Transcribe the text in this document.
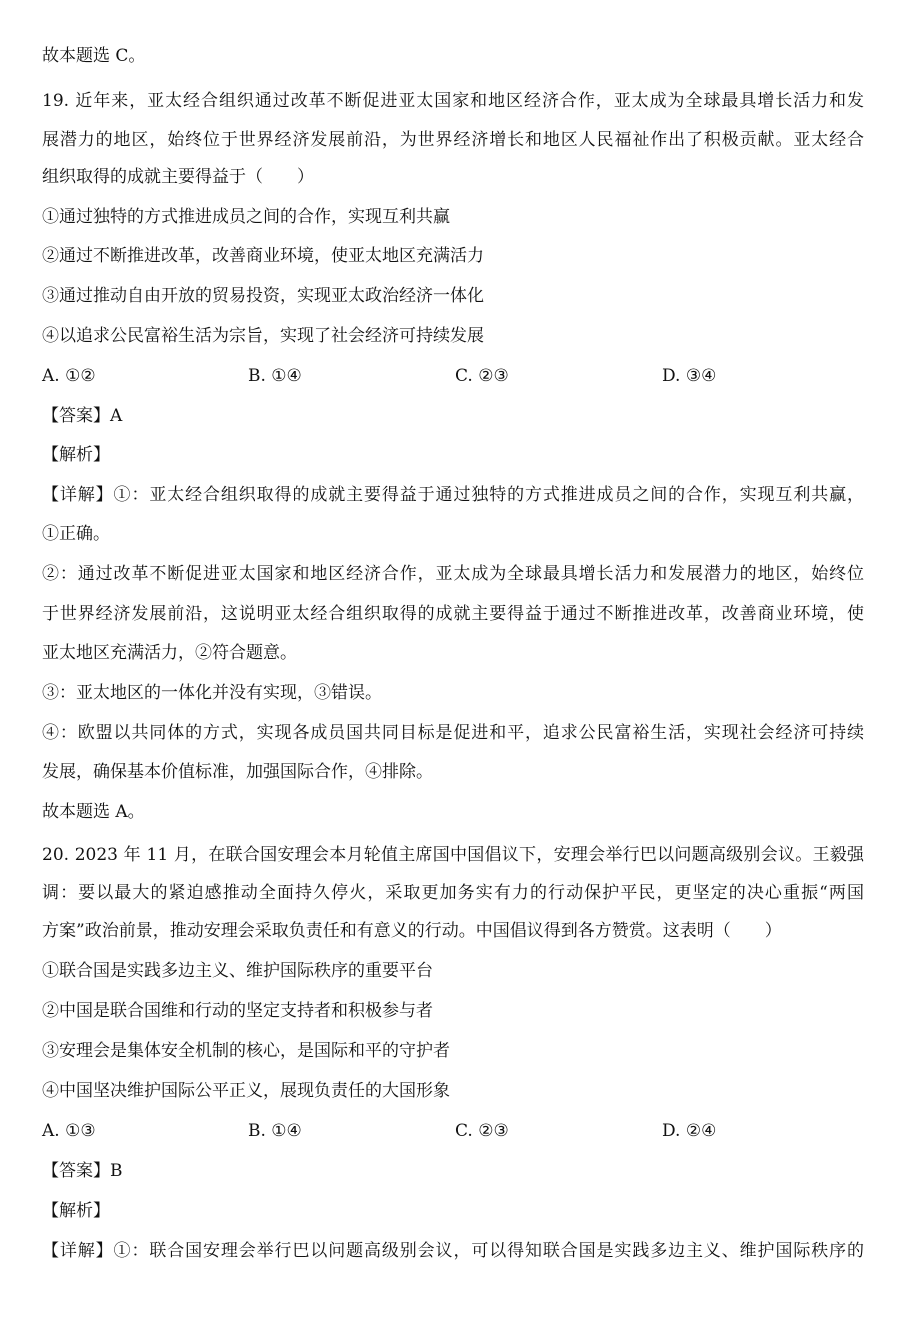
故本题选 C。
19. 近年来，亚太经合组织通过改革不断促进亚太国家和地区经济合作，亚太成为全球最具增长活力和发
展潜力的地区，始终位于世界经济发展前沿，为世界经济增长和地区人民福祉作出了积极贡献。亚太经合
组织取得的成就主要得益于（　　）
①通过独特的方式推进成员之间的合作，实现互利共赢
②通过不断推进改革，改善商业环境，使亚太地区充满活力
③通过推动自由开放的贸易投资，实现亚太政治经济一体化
④以追求公民富裕生活为宗旨，实现了社会经济可持续发展
A. ①②	B. ①④	C. ②③	D. ③④
【答案】A
【解析】
【详解】①：亚太经合组织取得的成就主要得益于通过独特的方式推进成员之间的合作，实现互利共赢，
①正确。
②：通过改革不断促进亚太国家和地区经济合作，亚太成为全球最具增长活力和发展潜力的地区，始终位
于世界经济发展前沿，这说明亚太经合组织取得的成就主要得益于通过不断推进改革，改善商业环境，使
亚太地区充满活力，②符合题意。
③：亚太地区的一体化并没有实现，③错误。
④：欧盟以共同体的方式，实现各成员国共同目标是促进和平，追求公民富裕生活，实现社会经济可持续
发展，确保基本价值标准，加强国际合作，④排除。
故本题选 A。
20. 2023 年 11 月，在联合国安理会本月轮值主席国中国倡议下，安理会举行巴以问题高级别会议。王毅强
调：要以最大的紧迫感推动全面持久停火，采取更加务实有力的行动保护平民，更坚定的决心重振“两国
方案”政治前景，推动安理会采取负责任和有意义的行动。中国倡议得到各方赞赏。这表明（　　）
①联合国是实践多边主义、维护国际秩序的重要平台
②中国是联合国维和行动的坚定支持者和积极参与者
③安理会是集体安全机制的核心，是国际和平的守护者
④中国坚决维护国际公平正义，展现负责任的大国形象
A. ①③	B. ①④	C. ②③	D. ②④
【答案】B
【解析】
【详解】①：联合国安理会举行巴以问题高级别会议，可以得知联合国是实践多边主义、维护国际秩序的
